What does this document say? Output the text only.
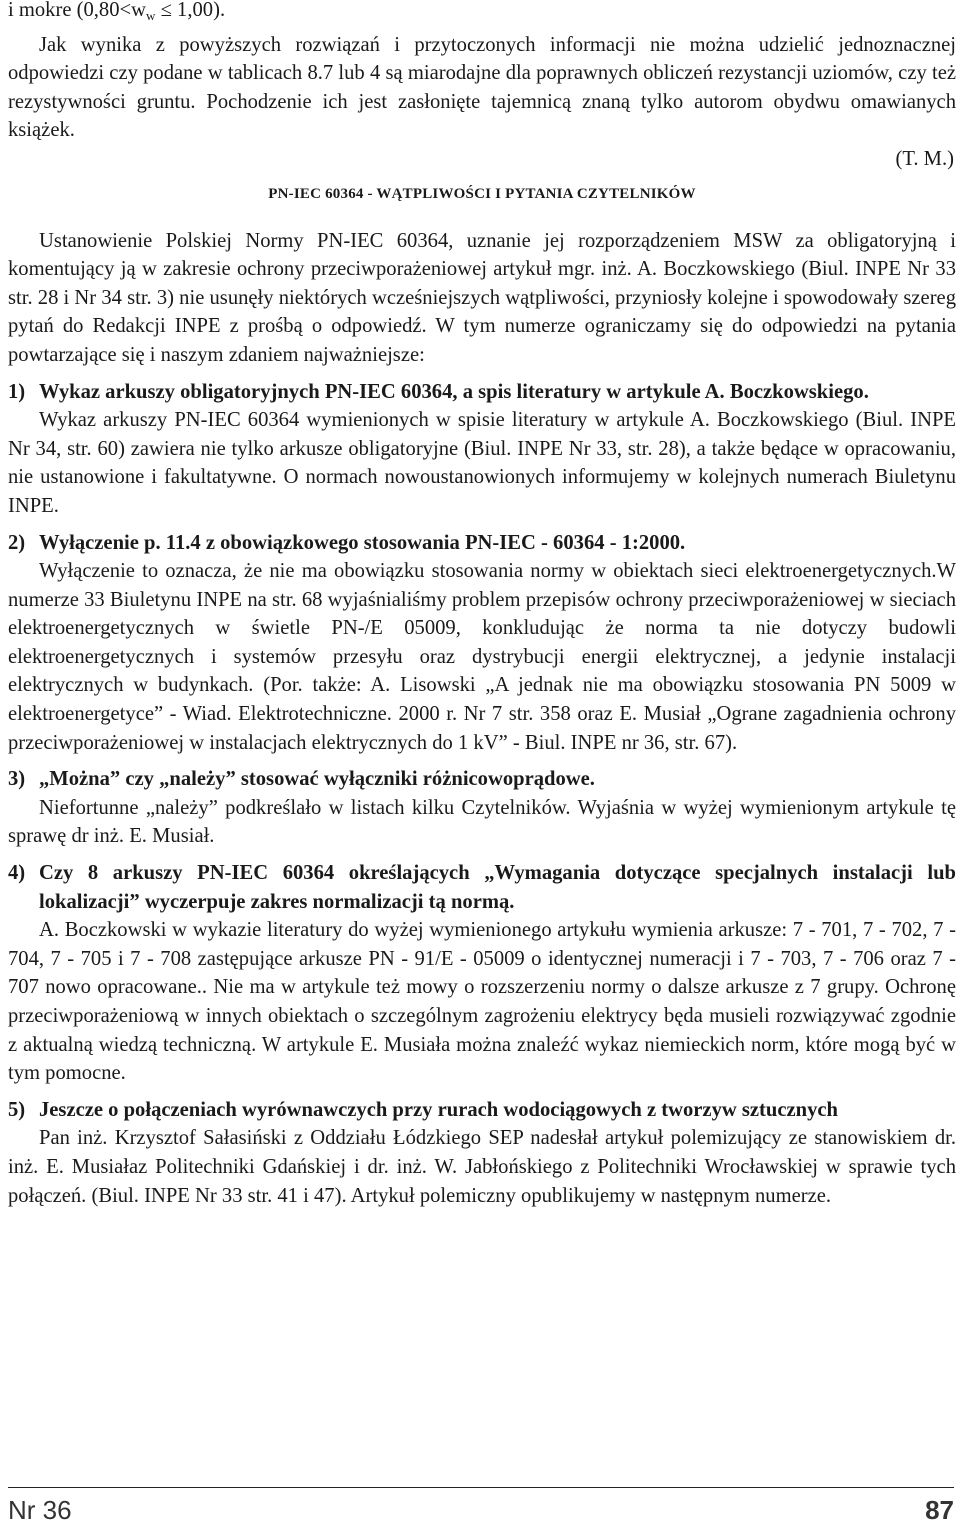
i mokre $(0,80<w_w \le 1,00)$.

Jak wynika z powyższych rozwiązań i przytoczonych informacji nie można udzielić jednoznacznej odpowiedzi czy podane w tablicach 8.7 lub 4 są miarodajne dla poprawnych obliczeń rezystancji uziomów, czy też rezystywności gruntu. Pochodzenie ich jest zasłonięte tajemnicą znaną tylko autorom obydwu omawianych książek.

(T. M.)

PN-IEC 60364 - WĄTPLIWOŚCI I PYTANIA CZYTELNIKÓW

Ustanowienie Polskiej Normy PN-IEC 60364, uznanie jej rozporządzeniem MSW za obligatoryjną i komentujący ją w zakresie ochrony przeciwporażeniowej artykuł mgr. inż. A. Boczkowskiego (Biul. INPE Nr 33 str. 28 i Nr 34 str. 3) nie usunęły niektórych wcześniejszych wątpliwości, przyniosły kolejne i spowodowały szereg pytań do Redakcji INPE z prośbą o odpowiedź. W tym numerze ograniczamy się do odpowiedzi na pytania powtarzające się i naszym zdaniem najważniejsze:

1) Wykaz arkuszy obligatoryjnych PN-IEC 60364, a spis literatury w artykule A. Boczkowskiego.

Wykaz arkuszy PN-IEC 60364 wymienionych w spisie literatury w artykule A. Boczkowskiego (Biul. INPE Nr 34, str. 60) zawiera nie tylko arkusze obligatoryjne (Biul. INPE Nr 33, str. 28), a także będące w opracowaniu, nie ustanowione i fakultatywne. O normach nowoustanowionych informujemy w kolejnych numerach Biuletynu INPE.

2) Wyłączenie p. 11.4 z obowiązkowego stosowania PN-IEC - 60364 - 1:2000.

Wyłączenie to oznacza, że nie ma obowiązku stosowania normy w obiektach sieci elektroenergetycznych.W numerze 33 Biuletynu INPE na str. 68 wyjaśnialiśmy problem przepisów ochrony przeciwporażeniowej w sieciach elektroenergetycznych w świetle PN-/E 05009, konkludując że norma ta nie dotyczy budowli elektroenergetycznych i systemów przesyłu oraz dystrybucji energii elektrycznej, a jedynie instalacji elektrycznych w budynkach. (Por. także: A. Lisowski „A jednak nie ma obowiązku stosowania PN 5009 w elektroenergetyce” - Wiad. Elektrotechniczne. 2000 r. Nr 7 str. 358 oraz E. Musiał „Ograne zagadnienia ochrony przeciwporażeniowej w instalacjach elektrycznych do 1 kV” - Biul. INPE nr 36, str. 67).

3) „Można” czy „należy” stosować wyłączniki różnicowoprądowe.

Niefortunne „należy” podkreślało w listach kilku Czytelników. Wyjaśnia w wyżej wymienionym artykule tę sprawę dr inż. E. Musiał.

4) Czy 8 arkuszy PN-IEC 60364 określających „Wymagania dotyczące specjalnych instalacji lub lokalizacji” wyczerpuje zakres normalizacji tą normą.

A. Boczkowski w wykazie literatury do wyżej wymienionego artykułu wymienia arkusze: 7 - 701, 7 - 702, 7 - 704, 7 - 705 i 7 - 708 zastępujące arkusze PN - 91/E - 05009 o identycznej numeracji i 7 - 703, 7 - 706 oraz 7 - 707 nowo opracowane.. Nie ma w artykule też mowy o rozszerzeniu normy o dalsze arkusze z 7 grupy. Ochronę przeciwporażeniową w innych obiektach o szczególnym zagrożeniu elektrycy będa musieli rozwiązywać zgodnie z aktualną wiedzą techniczną. W artykule E. Musiała można znaleźć wykaz niemieckich norm, które mogą być w tym pomocne.

5) Jeszcze o połączeniach wyrównawczych przy rurach wodociągowych z tworzyw sztucznych

Pan inż. Krzysztof Sałasiński z Oddziału Łódzkiego SEP nadesłał artykuł polemizujący ze stanowiskiem dr. inż. E. Musiałaz Politechniki Gdańskiej i dr. inż. W. Jabłońskiego z Politechniki Wrocławskiej w sprawie tych połączeń. (Biul. INPE Nr 33 str. 41 i 47). Artykuł polemiczny opublikujemy w następnym numerze.

Nr 36	87
